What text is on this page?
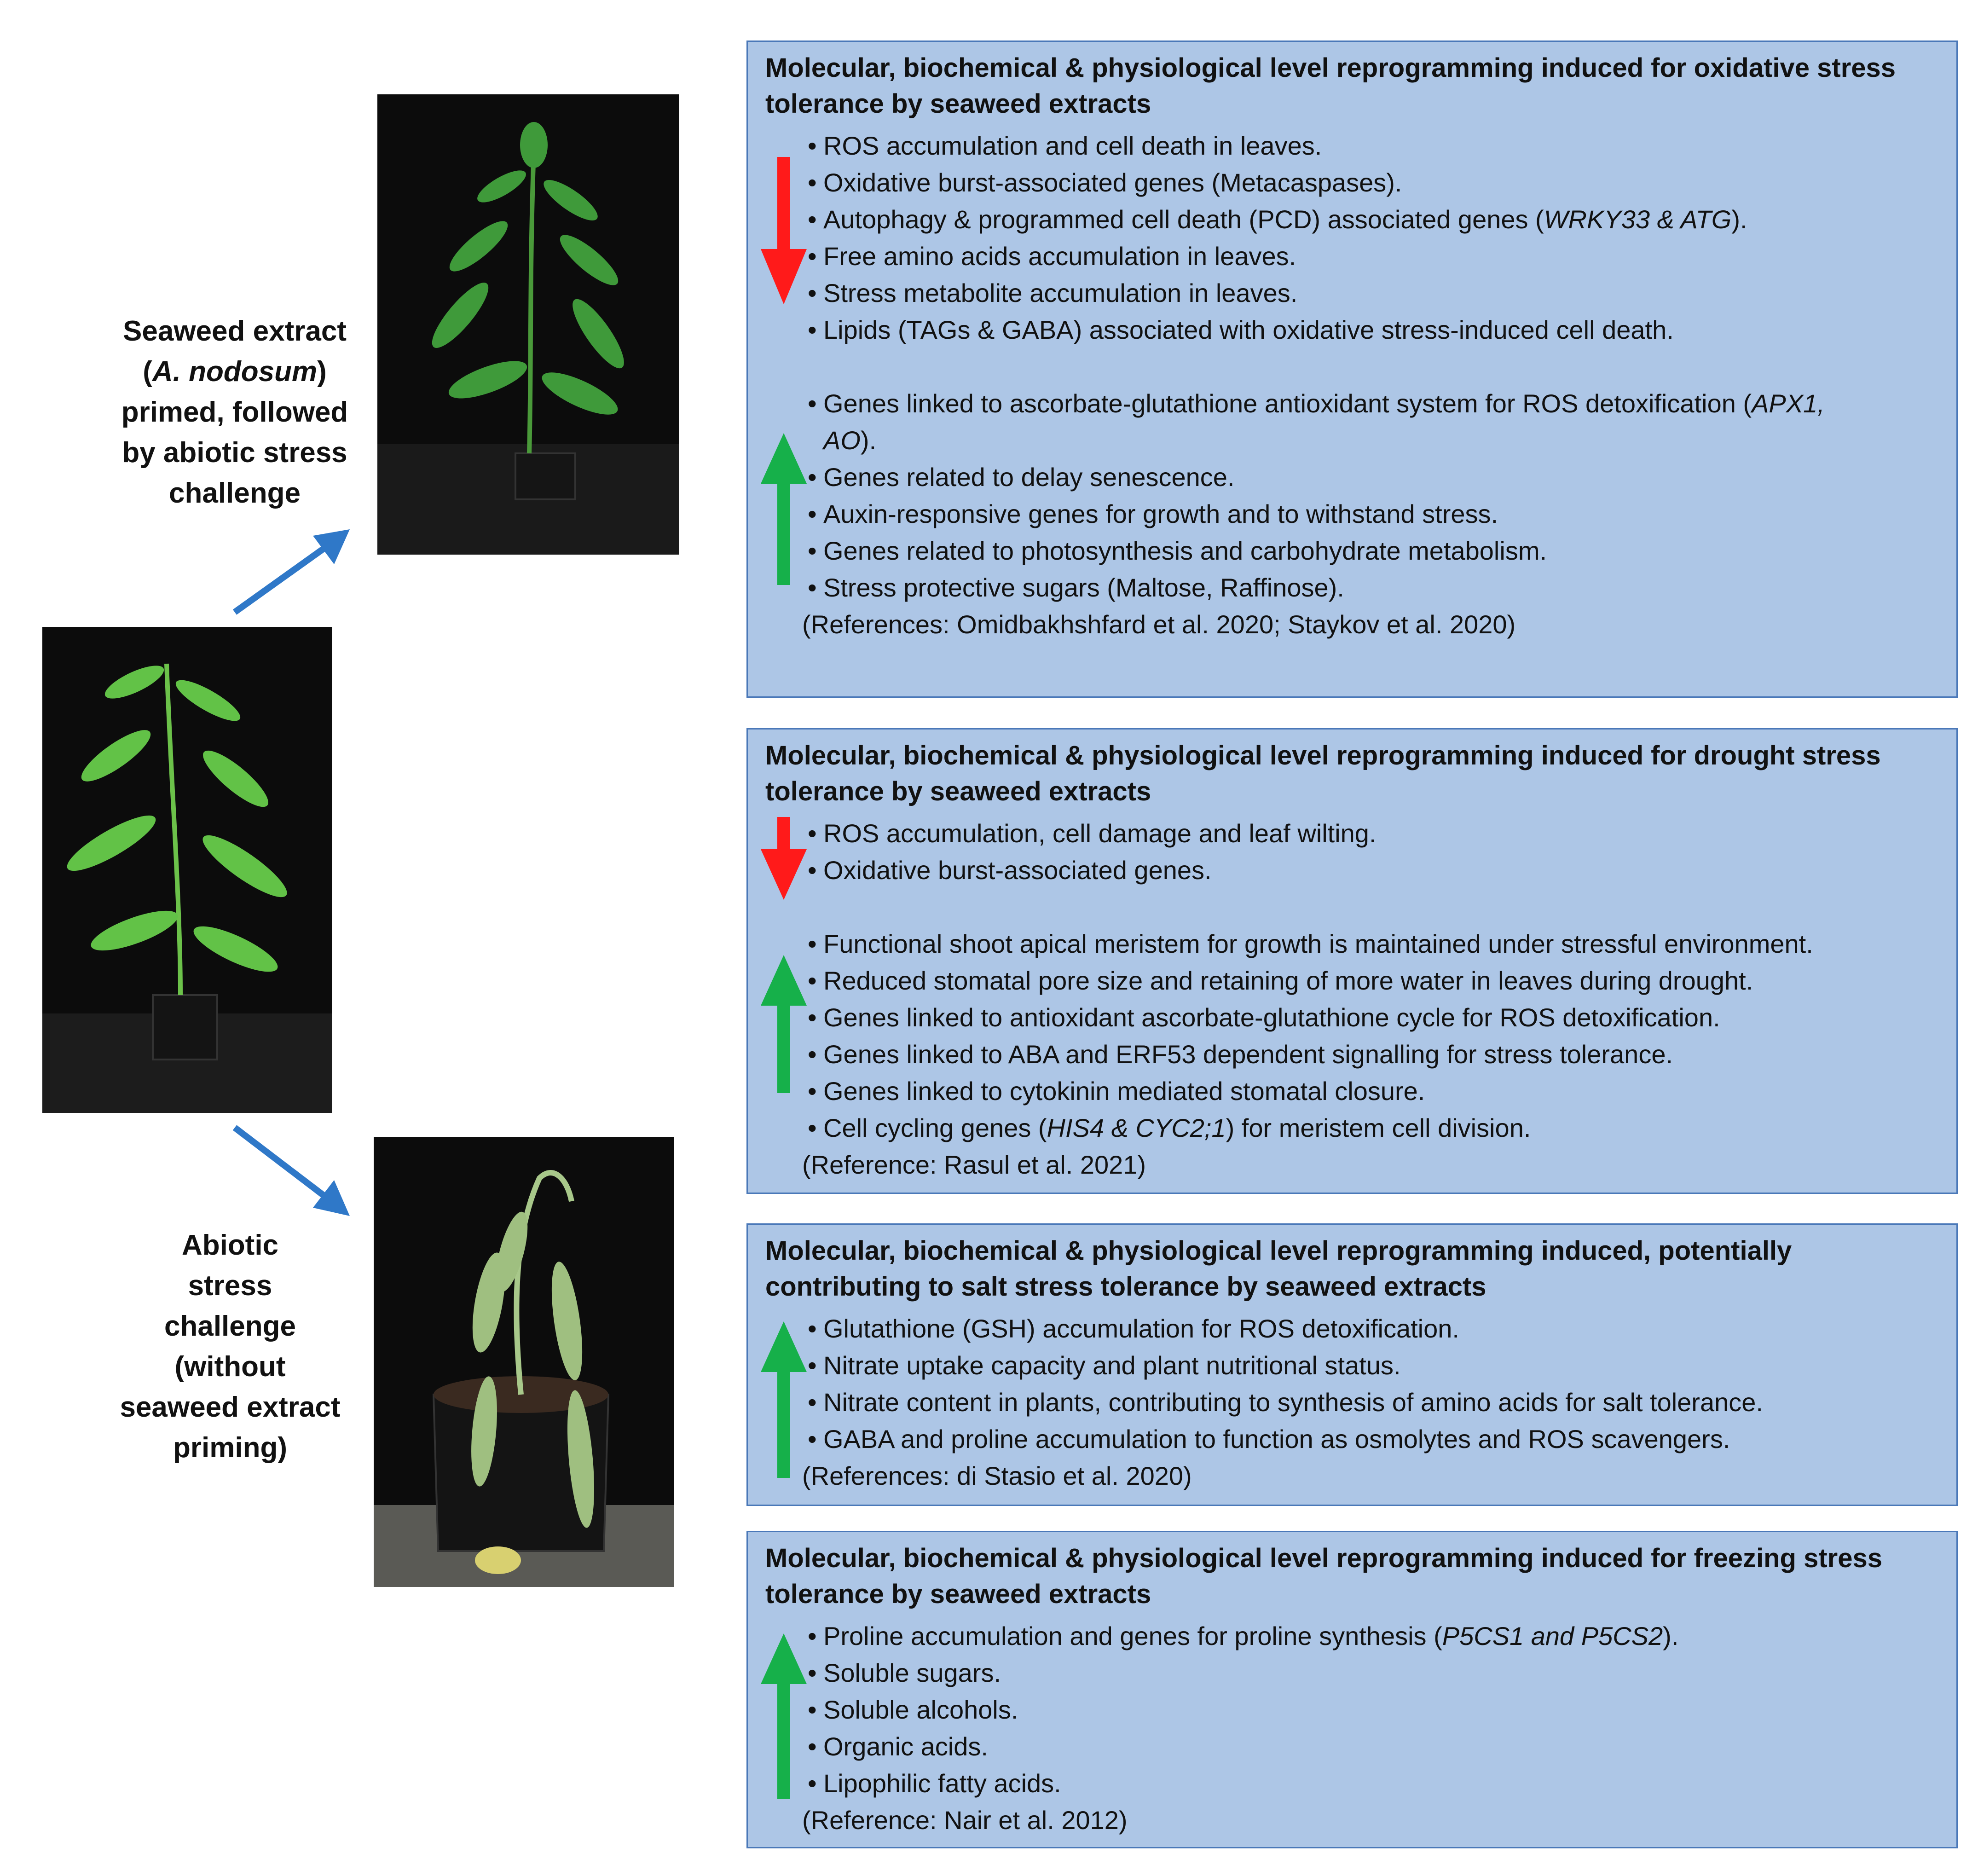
Seaweed extract
(A. nodosum)
primed, followed
by abiotic stress
challenge
Abiotic
stress
challenge
(without
seaweed extract
priming)
Molecular, biochemical & physiological level reprogramming induced for oxidative stress
tolerance by seaweed extracts
• ROS accumulation and cell death in leaves.
• Oxidative burst-associated genes (Metacaspases).
• Autophagy & programmed cell death (PCD) associated genes (WRKY33 & ATG).
• Free amino acids accumulation in leaves.
• Stress metabolite accumulation in leaves.
• Lipids (TAGs & GABA) associated with oxidative stress-induced cell death.
• Genes linked to ascorbate-glutathione antioxidant system for ROS detoxification (APX1,
AO).
• Genes related to delay senescence.
• Auxin-responsive genes for growth and to withstand stress.
• Genes related to photosynthesis and carbohydrate metabolism.
• Stress protective sugars (Maltose, Raffinose).
(References: Omidbakhshfard et al. 2020; Staykov et al. 2020)
Molecular, biochemical & physiological level reprogramming induced for drought stress
tolerance by seaweed extracts
• ROS accumulation, cell damage and leaf wilting.
• Oxidative burst-associated genes.
• Functional shoot apical meristem for growth is maintained under stressful environment.
• Reduced stomatal pore size and retaining of more water in leaves during drought.
• Genes linked to antioxidant ascorbate-glutathione cycle for ROS detoxification.
• Genes linked to ABA and ERF53 dependent signalling for stress tolerance.
• Genes linked to cytokinin mediated stomatal closure.
• Cell cycling genes (HIS4 & CYC2;1) for meristem cell division.
(Reference: Rasul et al. 2021)
Molecular, biochemical & physiological level reprogramming induced, potentially
contributing to salt stress tolerance by seaweed extracts
• Glutathione (GSH) accumulation for ROS detoxification.
• Nitrate uptake capacity and plant nutritional status.
• Nitrate content in plants, contributing to synthesis of amino acids for salt tolerance.
• GABA and proline accumulation to function as osmolytes and ROS scavengers.
(References: di Stasio et al. 2020)
Molecular, biochemical & physiological level reprogramming induced for freezing stress
tolerance by seaweed extracts
• Proline accumulation and genes for proline synthesis (P5CS1 and P5CS2).
• Soluble sugars.
• Soluble alcohols.
• Organic acids.
• Lipophilic fatty acids.
(Reference: Nair et al. 2012)
